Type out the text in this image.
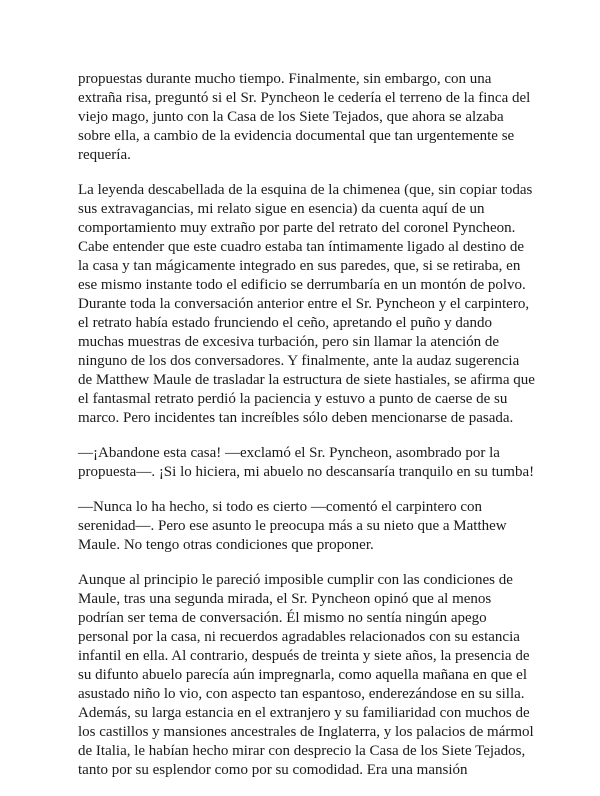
propuestas durante mucho tiempo. Finalmente, sin embargo, con una
extraña risa, preguntó si el Sr. Pyncheon le cedería el terreno de la finca del
viejo mago, junto con la Casa de los Siete Tejados, que ahora se alzaba
sobre ella, a cambio de la evidencia documental que tan urgentemente se
requería.

La leyenda descabellada de la esquina de la chimenea (que, sin copiar todas
sus extravagancias, mi relato sigue en esencia) da cuenta aquí de un
comportamiento muy extraño por parte del retrato del coronel Pyncheon.
Cabe entender que este cuadro estaba tan íntimamente ligado al destino de
la casa y tan mágicamente integrado en sus paredes, que, si se retiraba, en
ese mismo instante todo el edificio se derrumbaría en un montón de polvo.
Durante toda la conversación anterior entre el Sr. Pyncheon y el carpintero,
el retrato había estado frunciendo el ceño, apretando el puño y dando
muchas muestras de excesiva turbación, pero sin llamar la atención de
ninguno de los dos conversadores. Y finalmente, ante la audaz sugerencia
de Matthew Maule de trasladar la estructura de siete hastiales, se afirma que
el fantasmal retrato perdió la paciencia y estuvo a punto de caerse de su
marco. Pero incidentes tan increíbles sólo deben mencionarse de pasada.

—¡Abandone esta casa! —exclamó el Sr. Pyncheon, asombrado por la
propuesta—. ¡Si lo hiciera, mi abuelo no descansaría tranquilo en su tumba!

—Nunca lo ha hecho, si todo es cierto —comentó el carpintero con
serenidad—. Pero ese asunto le preocupa más a su nieto que a Matthew
Maule. No tengo otras condiciones que proponer.

Aunque al principio le pareció imposible cumplir con las condiciones de
Maule, tras una segunda mirada, el Sr. Pyncheon opinó que al menos
podrían ser tema de conversación. Él mismo no sentía ningún apego
personal por la casa, ni recuerdos agradables relacionados con su estancia
infantil en ella. Al contrario, después de treinta y siete años, la presencia de
su difunto abuelo parecía aún impregnarla, como aquella mañana en que el
asustado niño lo vio, con aspecto tan espantoso, enderezándose en su silla.
Además, su larga estancia en el extranjero y su familiaridad con muchos de
los castillos y mansiones ancestrales de Inglaterra, y los palacios de mármol
de Italia, le habían hecho mirar con desprecio la Casa de los Siete Tejados,
tanto por su esplendor como por su comodidad. Era una mansión
